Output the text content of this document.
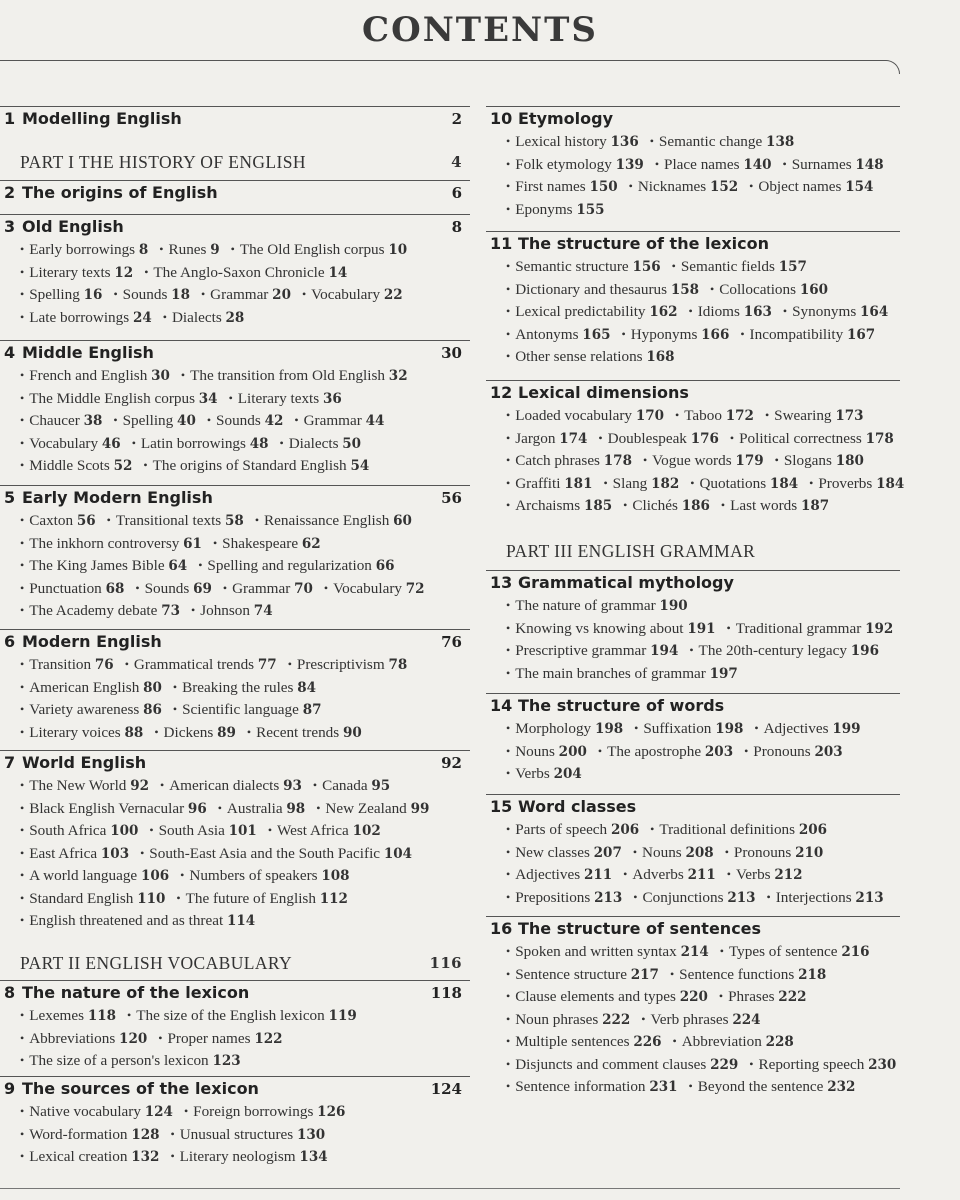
CONTENTS
1 Modelling English	2
PART I THE HISTORY OF ENGLISH	4
2 The origins of English	6
3 Old English	8
• Early borrowings 8 • Runes 9 • The Old English corpus 10
• Literary texts 12 • The Anglo-Saxon Chronicle 14
• Spelling 16 • Sounds 18 • Grammar 20 • Vocabulary 22
• Late borrowings 24 • Dialects 28
4 Middle English	30
• French and English 30 • The transition from Old English 32
• The Middle English corpus 34 • Literary texts 36
• Chaucer 38 • Spelling 40 • Sounds 42 • Grammar 44
• Vocabulary 46 • Latin borrowings 48 • Dialects 50
• Middle Scots 52 • The origins of Standard English 54
5 Early Modern English	56
• Caxton 56 • Transitional texts 58 • Renaissance English 60
• The inkhorn controversy 61 • Shakespeare 62
• The King James Bible 64 • Spelling and regularization 66
• Punctuation 68 • Sounds 69 • Grammar 70 • Vocabulary 72
• The Academy debate 73 • Johnson 74
6 Modern English	76
• Transition 76 • Grammatical trends 77 • Prescriptivism 78
• American English 80 • Breaking the rules 84
• Variety awareness 86 • Scientific language 87
• Literary voices 88 • Dickens 89 • Recent trends 90
7 World English	92
• The New World 92 • American dialects 93 • Canada 95
• Black English Vernacular 96 • Australia 98 • New Zealand 99
• South Africa 100 • South Asia 101 • West Africa 102
• East Africa 103 • South-East Asia and the South Pacific 104
• A world language 106 • Numbers of speakers 108
• Standard English 110 • The future of English 112
• English threatened and as threat 114
PART II ENGLISH VOCABULARY	116
8 The nature of the lexicon	118
• Lexemes 118 • The size of the English lexicon 119
• Abbreviations 120 • Proper names 122
• The size of a person's lexicon 123
9 The sources of the lexicon	124
• Native vocabulary 124 • Foreign borrowings 126
• Word-formation 128 • Unusual structures 130
• Lexical creation 132 • Literary neologism 134
10 Etymology
• Lexical history 136 • Semantic change 138
• Folk etymology 139 • Place names 140 • Surnames 148
• First names 150 • Nicknames 152 • Object names 154
• Eponyms 155
11 The structure of the lexicon
• Semantic structure 156 • Semantic fields 157
• Dictionary and thesaurus 158 • Collocations 160
• Lexical predictability 162 • Idioms 163 • Synonyms 164
• Antonyms 165 • Hyponyms 166 • Incompatibility 167
• Other sense relations 168
12 Lexical dimensions
• Loaded vocabulary 170 • Taboo 172 • Swearing 173
• Jargon 174 • Doublespeak 176 • Political correctness 178
• Catch phrases 178 • Vogue words 179 • Slogans 180
• Graffiti 181 • Slang 182 • Quotations 184 • Proverbs 184
• Archaisms 185 • Clichés 186 • Last words 187
PART III ENGLISH GRAMMAR
13 Grammatical mythology
• The nature of grammar 190
• Knowing vs knowing about 191 • Traditional grammar 192
• Prescriptive grammar 194 • The 20th-century legacy 196
• The main branches of grammar 197
14 The structure of words
• Morphology 198 • Suffixation 198 • Adjectives 199
• Nouns 200 • The apostrophe 203 • Pronouns 203
• Verbs 204
15 Word classes
• Parts of speech 206 • Traditional definitions 206
• New classes 207 • Nouns 208 • Pronouns 210
• Adjectives 211 • Adverbs 211 • Verbs 212
• Prepositions 213 • Conjunctions 213 • Interjections 213
16 The structure of sentences
• Spoken and written syntax 214 • Types of sentence 216
• Sentence structure 217 • Sentence functions 218
• Clause elements and types 220 • Phrases 222
• Noun phrases 222 • Verb phrases 224
• Multiple sentences 226 • Abbreviation 228
• Disjuncts and comment clauses 229 • Reporting speech 230
• Sentence information 231 • Beyond the sentence 232
